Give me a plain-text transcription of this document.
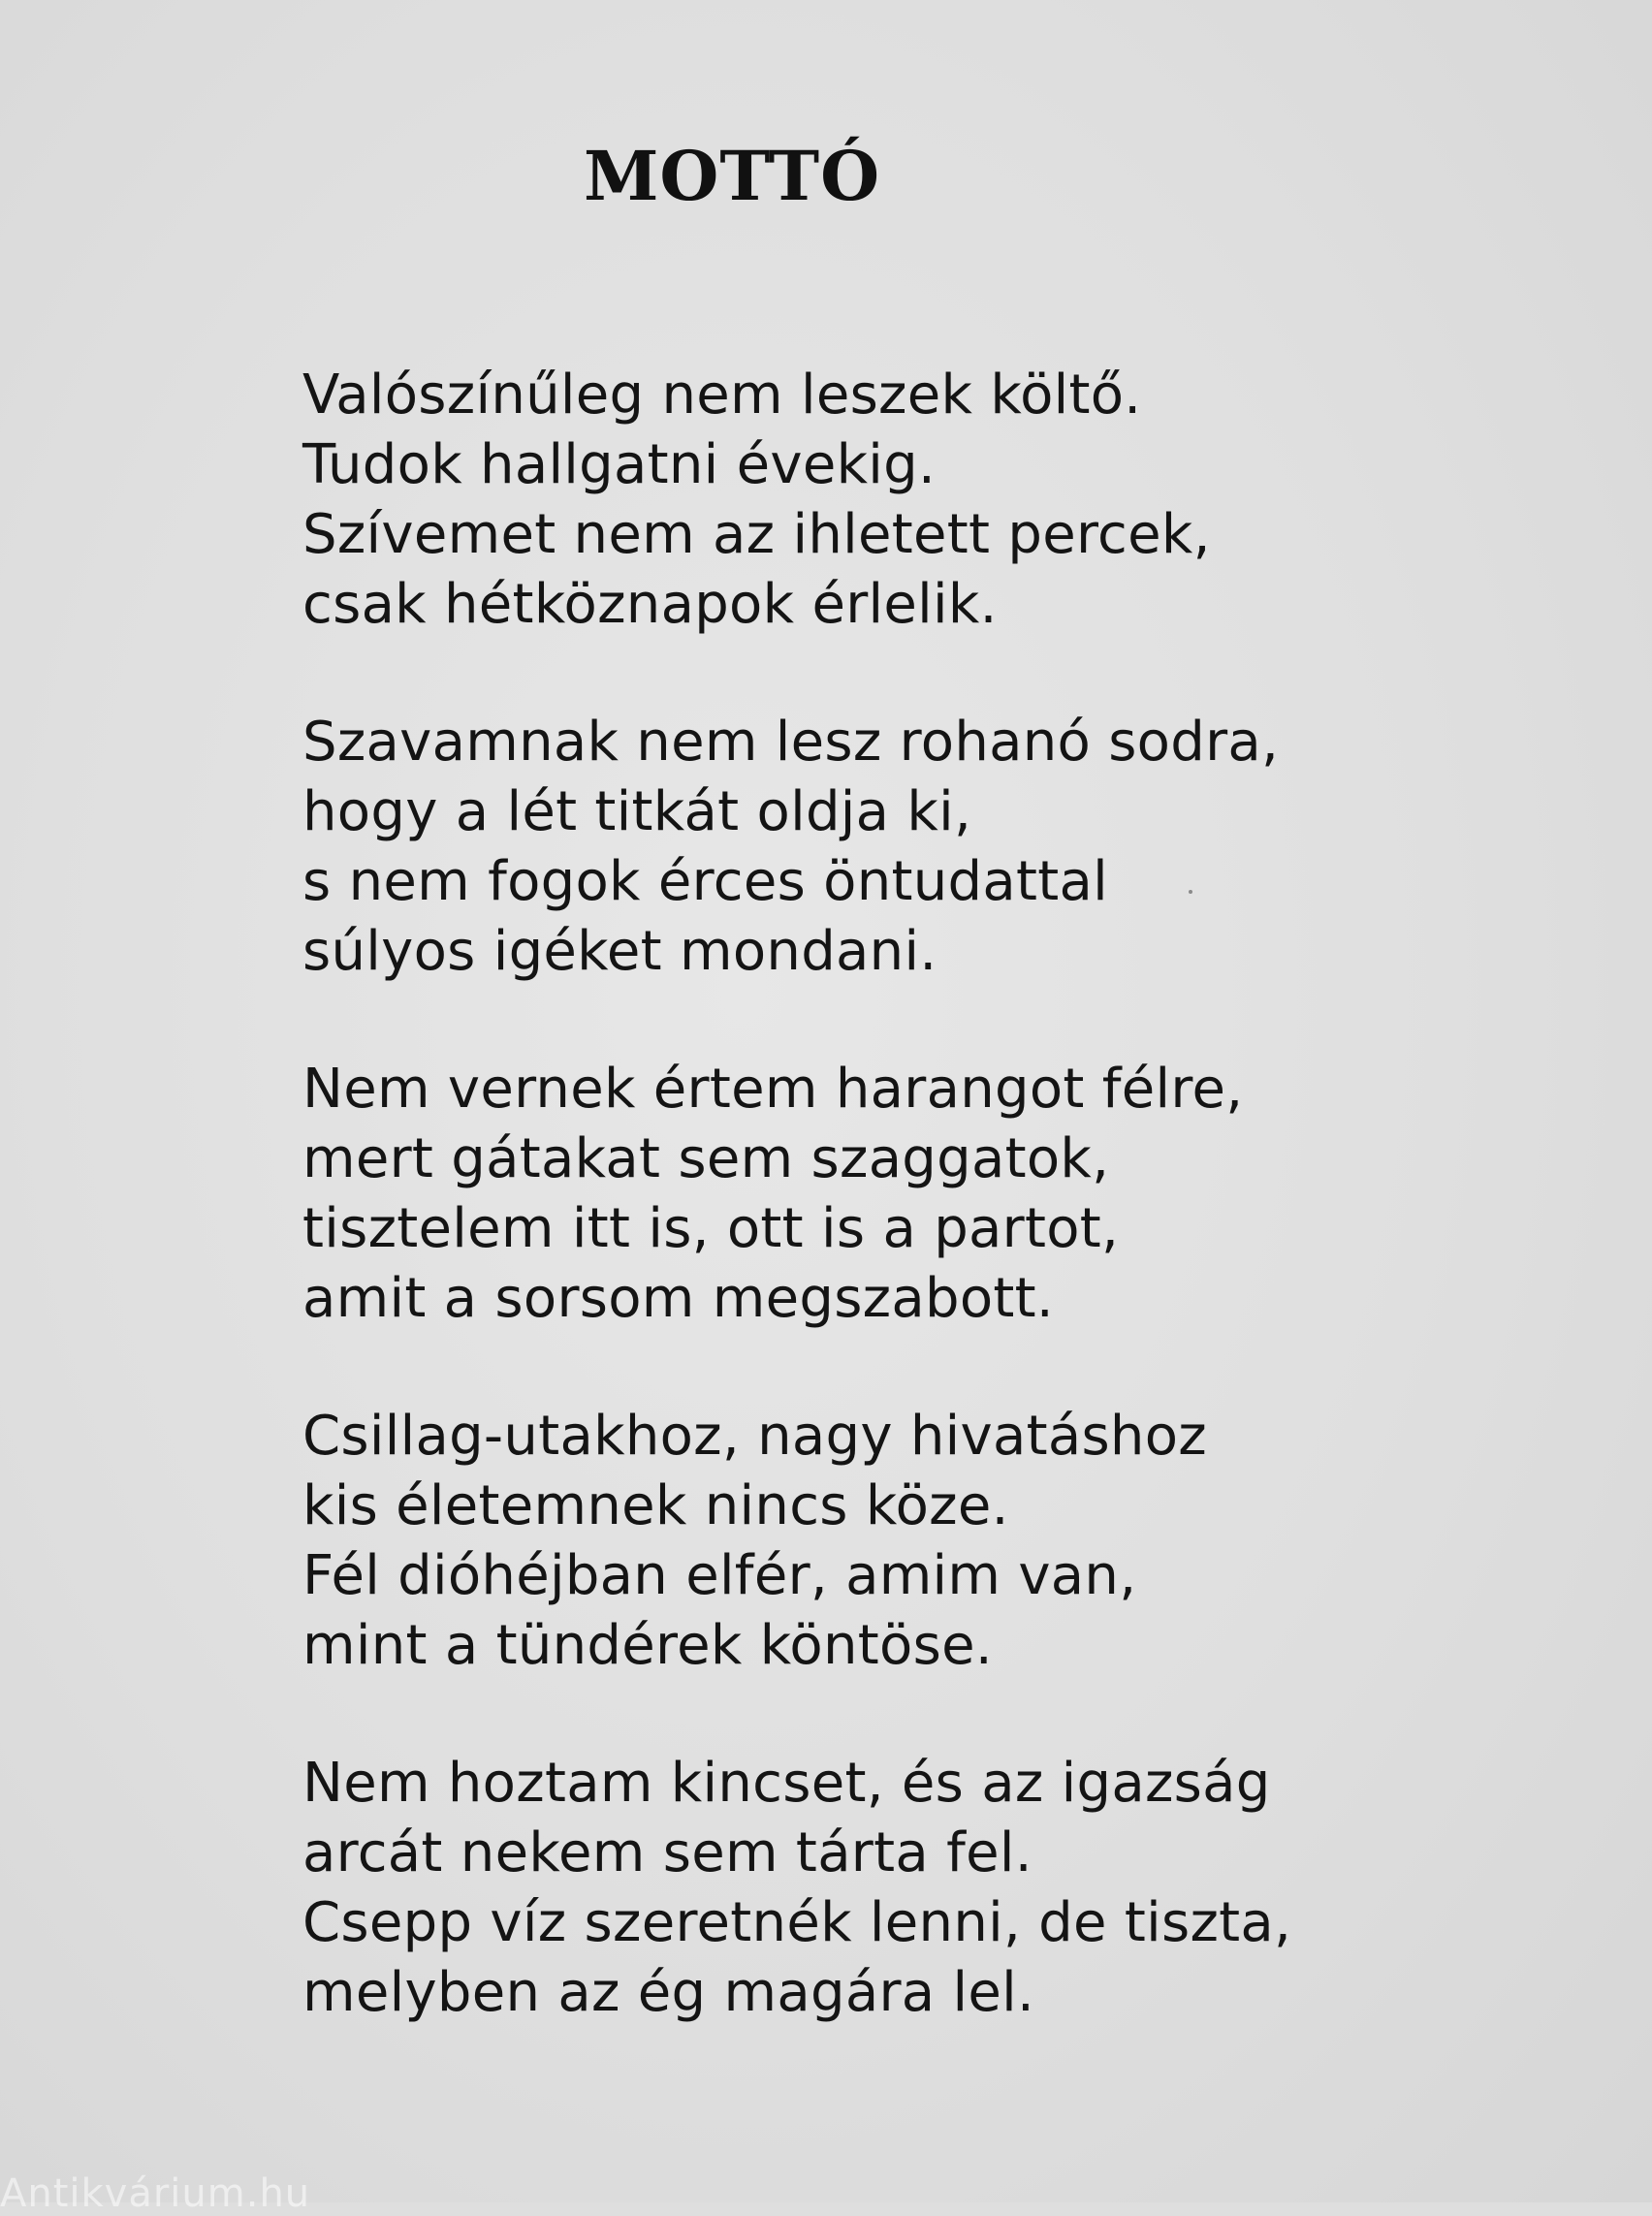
MOTTÓ
Valószínűleg nem leszek költő.
Tudok hallgatni évekig.
Szívemet nem az ihletett percek,
csak hétköznapok érlelik.
Szavamnak nem lesz rohanó sodra,
hogy a lét titkát oldja ki,
s nem fogok érces öntudattal
súlyos igéket mondani.
Nem vernek értem harangot félre,
mert gátakat sem szaggatok,
tisztelem itt is, ott is a partot,
amit a sorsom megszabott.
Csillag-utakhoz, nagy hivatáshoz
kis életemnek nincs köze.
Fél dióhéjban elfér, amim van,
mint a tündérek köntöse.
Nem hoztam kincset, és az igazság
arcát nekem sem tárta fel.
Csepp víz szeretnék lenni, de tiszta,
melyben az ég magára lel.
Antikvárium.hu
